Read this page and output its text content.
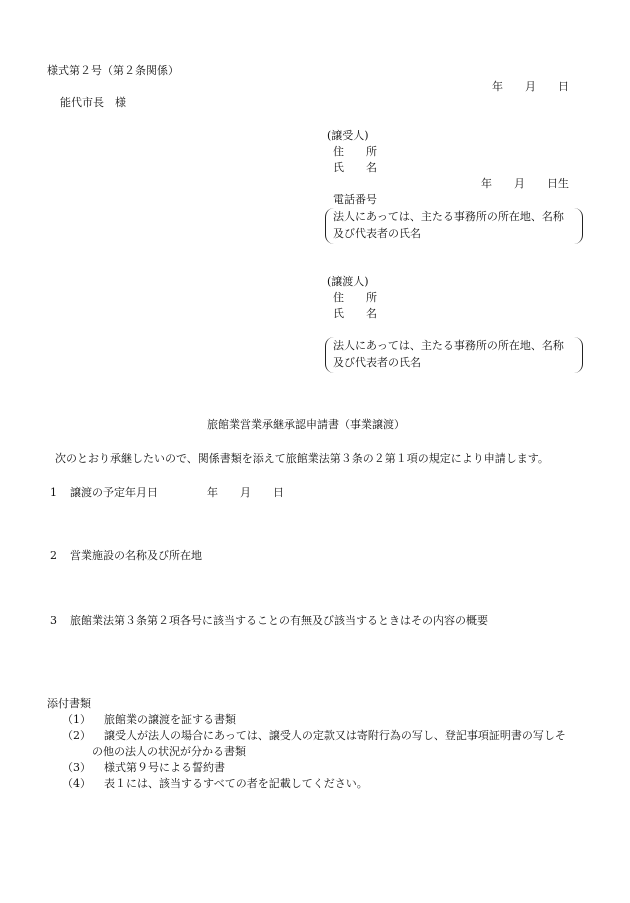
様式第２号（第２条関係）
年　　月　　日
能代市長　様
(譲受人)
住　　所
氏　　名
年　　月　　日生
電話番号
法人にあっては、主たる事務所の所在地、名称
及び代表者の氏名
(譲渡人)
住　　所
氏　　名
法人にあっては、主たる事務所の所在地、名称
及び代表者の氏名
旅館業営業承継承認申請書（事業譲渡）
次のとおり承継したいので、関係書類を添えて旅館業法第３条の２第１項の規定により申請します。
1 譲渡の予定年月日	年　　月　　日
2 営業施設の名称及び所在地
3 旅館業法第３条第２項各号に該当することの有無及び該当するときはその内容の概要
添付書類
（1） 旅館業の譲渡を証する書類
（2） 譲受人が法人の場合にあっては、譲受人の定款又は寄附行為の写し、登記事項証明書の写しそ
の他の法人の状況が分かる書類
（3） 様式第９号による誓約書
（4） 表１には、該当するすべての者を記載してください。
